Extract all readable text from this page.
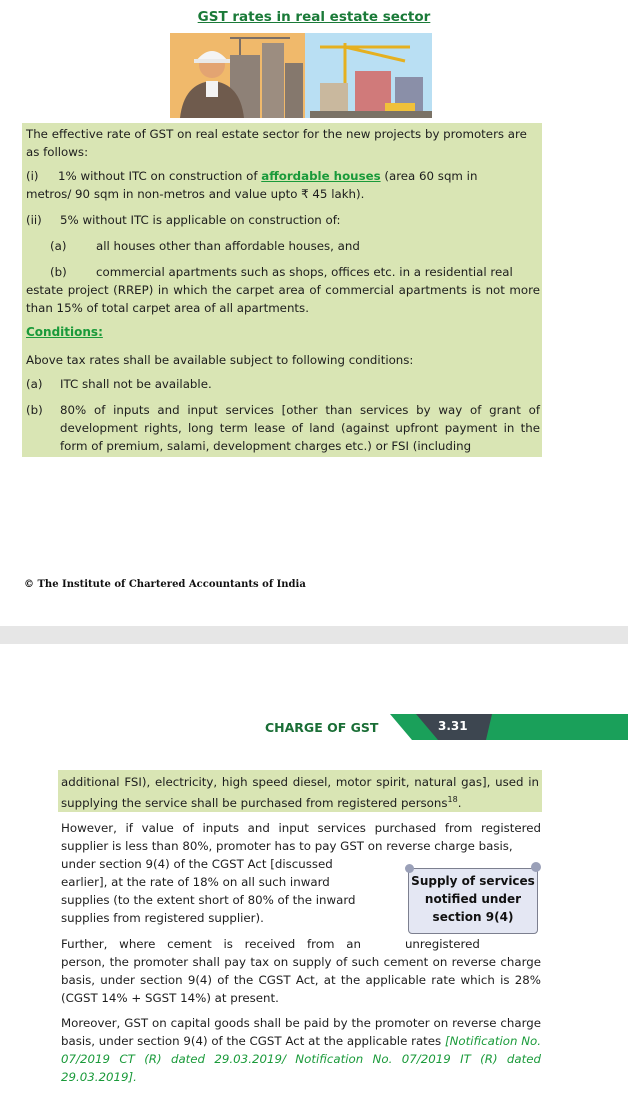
GST rates in real estate sector
The effective rate of GST on real estate sector for the new projects by promoters are as follows:
(i) 1% without ITC on construction of affordable houses (area 60 sqm in
metros/ 90 sqm in non-metros and value upto ₹ 45 lakh).
(ii) 5% without ITC is applicable on construction of:
(a)	all houses other than affordable houses, and
(b) commercial apartments such as shops, offices etc. in a residential real
estate project (RREP) in which the carpet area of commercial apartments is not more than 15% of total carpet area of all apartments.
Conditions:
Above tax rates shall be available subject to following conditions:
(a) ITC shall not be available.
(b) 80% of inputs and input services [other than services by way of grant of development rights, long term lease of land (against upfront payment in the form of premium, salami, development charges etc.) or FSI (including
© The Institute of Chartered Accountants of India
CHARGE OF GST	3.31
additional FSI), electricity, high speed diesel, motor spirit, natural gas], used in supplying the service shall be purchased from registered persons$^{18}$.
However, if value of inputs and input services purchased from registered supplier is less than 80%, promoter has to pay GST on reverse charge basis,
under section 9(4) of the CGST Act [discussed
earlier], at the rate of 18% on all such inward
supplies (to the extent short of 80% of the inward
supplies from registered supplier).
Supply of services notified under section 9(4)
Further, where cement is received from an	unregistered
person, the promoter shall pay tax on supply of such cement on reverse charge basis, under section 9(4) of the CGST Act, at the applicable rate which is 28% (CGST 14% + SGST 14%) at present.
Moreover, GST on capital goods shall be paid by the promoter on reverse charge basis, under section 9(4) of the CGST Act at the applicable rates [Notification No. 07/2019 CT (R) dated 29.03.2019/ Notification No. 07/2019 IT (R) dated 29.03.2019].
